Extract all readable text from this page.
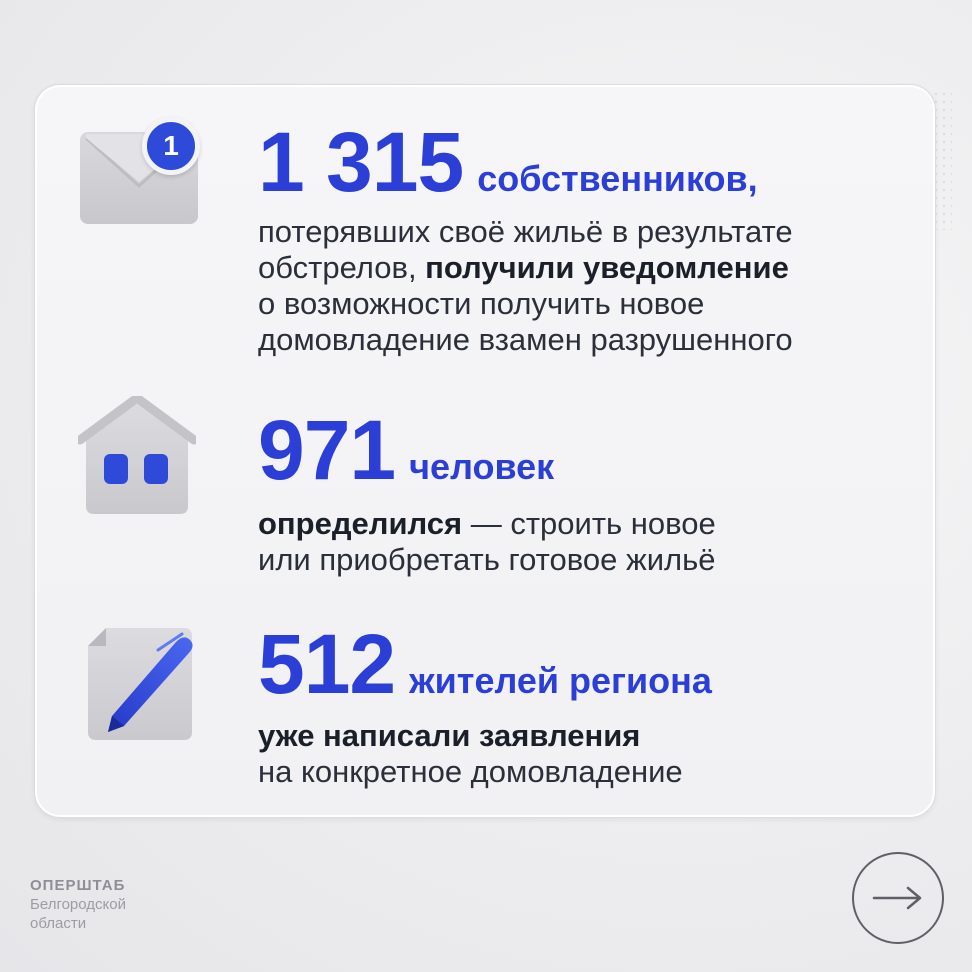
1 1 315 собственников,
потерявших своё жильё в результате
обстрелов, получили уведомление
о возможности получить новое
домовладение взамен разрушенного
971 человек
определился — строить новое
или приобретать готовое жильё
512 жителей региона
уже написали заявления
на конкретное домовладение
ОПЕРШТАБ
Белгородской
области
